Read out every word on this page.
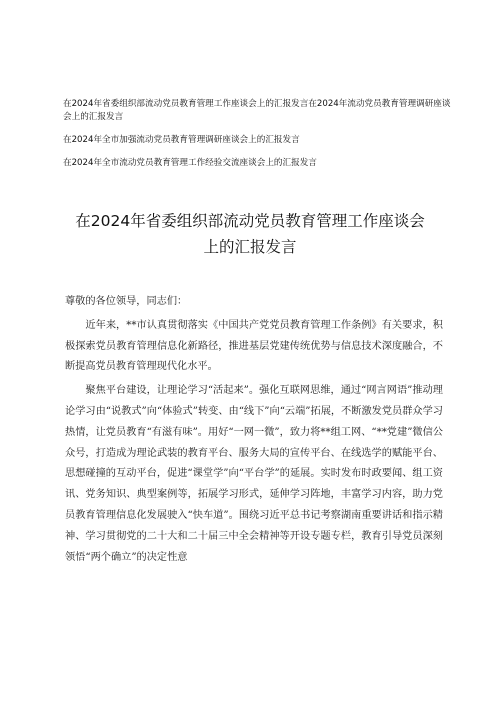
在2024年省委组织部流动党员教育管理工作座谈会上的汇报发言在2024年流动党员教育管理调研座谈会上的汇报发言
在2024年全市加强流动党员教育管理调研座谈会上的汇报发言
在2024年全市流动党员教育管理工作经验交流座谈会上的汇报发言
在2024年省委组织部流动党员教育管理工作座谈会上的汇报发言

尊敬的各位领导，同志们：

近年来，**市认真贯彻落实《中国共产党党员教育管理工作条例》有关要求，积极探索党员教育管理信息化新路径，推进基层党建传统优势与信息技术深度融合，不断提高党员教育管理现代化水平。

聚焦平台建设，让理论学习“活起来”。强化互联网思维，通过“网言网语”推动理论学习由“说教式”向“体验式”转变、由“线下”向“云端”拓展，不断激发党员群众学习热情，让党员教育“有滋有味”。用好“一网一微”，致力将**组工网、“**党建”微信公众号，打造成为理论武装的教育平台、服务大局的宣传平台、在线选学的赋能平台、思想碰撞的互动平台，促进“课堂学”向“平台学”的延展。实时发布时政要闻、组工资讯、党务知识、典型案例等，拓展学习形式，延伸学习阵地，丰富学习内容，助力党员教育管理信息化发展驶入“快车道”。围绕习近平总书记考察湖南重要讲话和指示精神、学习贯彻党的二十大和二十届三中全会精神等开设专题专栏，教育引导党员深刻领悟“两个确立”的决定性意
